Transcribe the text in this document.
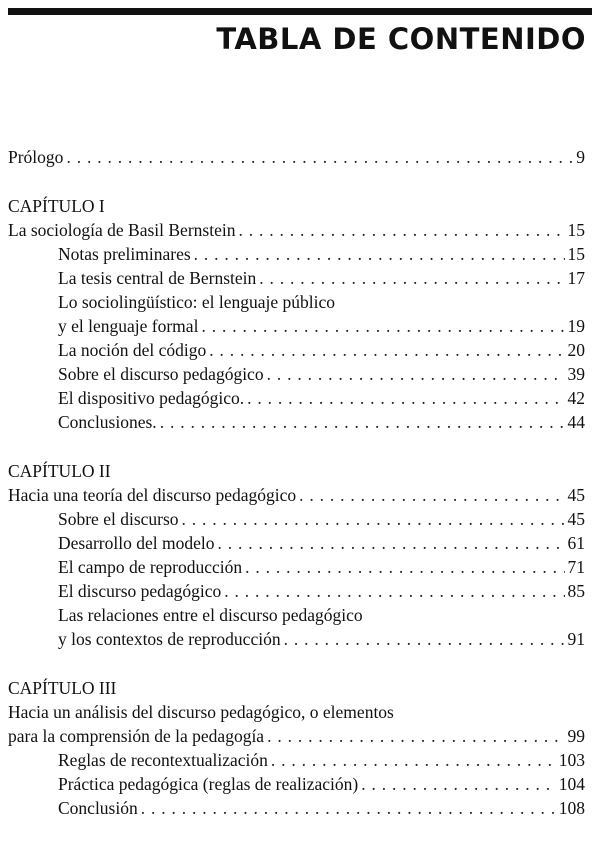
TABLA DE CONTENIDO
Prólogo . . .	9
CAPÍTULO I
La sociología de Basil Bernstein . . .	15
Notas preliminares . . .	15
La tesis central de Bernstein . . .	17
Lo sociolingüístico: el lenguaje público
y el lenguaje formal . . .	19
La noción del código . . .	20
Sobre el discurso pedagógico . . .	39
El dispositivo pedagógico. . . .	42
Conclusiones. . . .	44
CAPÍTULO II
Hacia una teoría del discurso pedagógico . . .	45
Sobre el discurso . . .	45
Desarrollo del modelo . . .	61
El campo de reproducción . . .	71
El discurso pedagógico . . .	85
Las relaciones entre el discurso pedagógico
y los contextos de reproducción . . .	91
CAPÍTULO III
Hacia un análisis del discurso pedagógico, o elementos
para la comprensión de la pedagogía . . .	99
Reglas de recontextualización . . .	103
Práctica pedagógica (reglas de realización) . . .	104
Conclusión . . .	108
